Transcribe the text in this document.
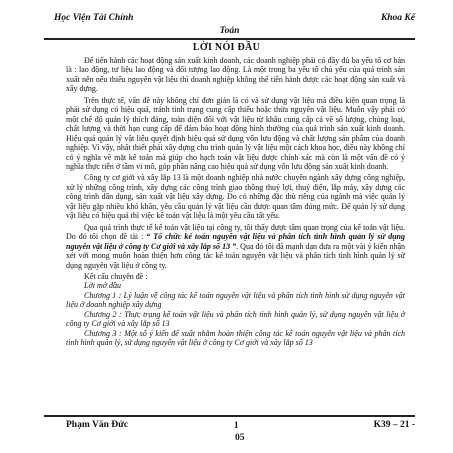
Học Viện Tài Chính	Khoa Kế
Toán
LỜI NÓI ĐẦU

Để tiến hành các hoạt động sản xuất kinh doanh, các doanh nghiệp phải có đầy đủ ba yếu tố cơ bản là : lao động, tư liệu lao động và đối tượng lao động. Là một trong ba yếu tố chủ yếu của quá trình sản xuất nên nếu thiếu nguyên vật liệu thì doanh nghiệp không thể tiến hành được các hoạt động sản xuất và xây dựng.

Trên thực tế, vấn đề này không chỉ đơn giản là có và sử dụng vật liệu mà điều kiện quan trọng là phải sử dụng có hiệu quả, tránh tình trạng cung cấp thiếu hoặc thừa nguyên vật liệu. Muốn vậy phải có một chế độ quản lý thích đáng, toàn diện đối với vật liệu từ khâu cung cấp cả về số lượng, chủng loại, chất lượng và thời hạn cung cấp để đảm bảo hoạt động bình thường của quá trình sản xuất kinh doanh. Hiệu quả quản lý vật liệu quyết định hiệu quả sử dụng vốn lưu động và chất lượng sản phẩm của doanh nghiệp. Vì vậy, nhất thiết phải xây dựng chu trình quản lý vật liệu một cách khoa học, điều này không chỉ có ý nghĩa về mặt kế toán mà giúp cho hạch toán vật liệu được chính xác mà còn là một vấn đề có ý nghĩa thực tiễn ở tầm vi mô, góp phần nâng cao hiệu quả sử dụng vốn lưu động sản xuất kinh doanh.

Công ty cơ giới và xây lắp 13 là một doanh nghiệp nhà nước chuyên ngành xây dựng công nghiệp, xử lý những công trình, xây dựng các công trình giao thông thuỷ lợi, thuỷ điện, lắp máy, xây dựng các công trình dân dụng, sản xuất vật liệu xây dựng. Do có những đặc thù riêng của ngành mà việc quản lý vật liệu gặp nhiều khó khăn, yêu cầu quản lý vật liệu cần được quan tâm đúng mức. Để quản lý sử dụng vật liệu có hiệu quả thì việc kế toán vật liệu là một yêu cầu tất yếu.

Qua quá trình thực tế kế toán vật liệu tại công ty, tôi thấy được tầm quan trọng của kế toán vật liệu. Do đó tôi chọn đề tài : “ Tổ chức kế toán nguyên vật liệu và phân tích tình hình quản lý sử dụng nguyên vật liệu ở công ty Cơ giới và xây lắp số 13 ”. Qua đó tôi đã mạnh dạn đưa ra một vài ý kiến nhận xét với mong muốn hoàn thiện hơn công tác kế toán nguyên vật liệu và phân tích tình hình quản lý sử dụng nguyên vật liệu ở công ty.

Kết cấu chuyên đề :

Lời mở đầu

Chương 1 : Lý luận về công tác kế toán nguyên vật liệu và phân tích tình hình sử dụng nguyên vật liệu ở doanh nghiệp xây dựng

Chương 2 : Thực trạng kế toán vật liệu và phân tích tình hình quản lý, sử dụng nguyên vật liệu ở công ty Cơ giới và xây lắp số 13

Chương 3 : Một số ý kiến để xuất nhằm hoàn thiện công tác kế toán nguyên vật liệu và phân tích tình hình quản lý, sử dụng nguyên vật liệu ở công ty Cơ giới và xây lắp số 13

Phạm Văn Đức	1	K39 – 21 -
05
